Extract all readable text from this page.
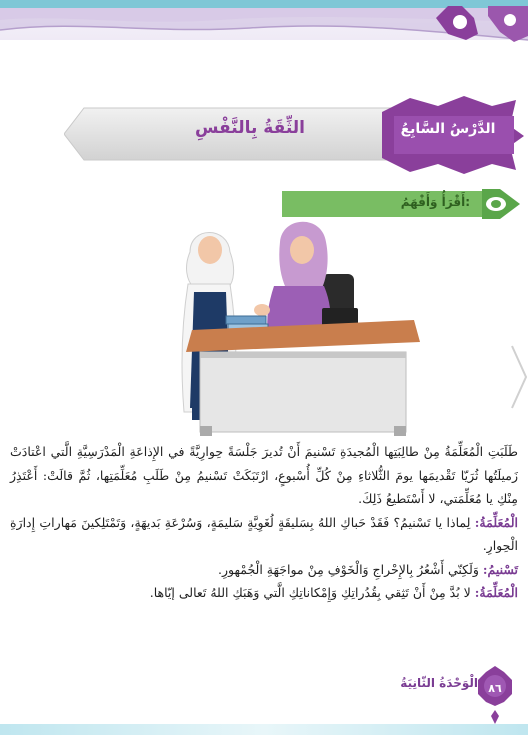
الثِّقَةُ بِالنَّفْسِ	الدَّرْسُ السَّابِعُ
أَقْرَأُ وَأَفْهَمُ:

طَلَبَتِ الْمُعَلِّمَةُ مِنْ طالِبَتِها الْمُجيدَةِ تَسْنيمَ أَنْ تُديرَ جَلْسَةً حِوارِيَّةً في الإِذاعَةِ الْمَدْرَسِيَّةِ الَّتي اعْتادَتْ زَميلَتُها ثُرَيّا تَقْديمَها يومَ الثُّلاثاءِ مِنْ كُلِّ أُسْبوعٍ، ارْتَبَكَتْ تَسْنيمُ مِنْ طَلَبِ مُعَلِّمَتِها، ثُمَّ قالَتْ: أَعْتَذِرُ مِنْكِ يا مُعَلِّمَتي، لا أَسْتَطيعُ ذَلِكَ.

الْمُعَلِّمَةُ: لِماذا يا تَسْنيمُ؟ فَقَدْ حَباكِ اللهُ بِسَليقَةٍ لُغَوِيَّةٍ سَليمَةٍ، وَسُرْعَةِ بَديهَةٍ، وَتَمْتَلِكينَ مَهاراتِ إِدارَةِ الْحِوارِ.

تَسْنيمُ: وَلَكِنّي أَشْعُرُ بِالإِحْراجِ وَالْخَوْفِ مِنْ مواجَهَةِ الْجُمْهورِ.

الْمُعَلِّمَةُ: لا بُدَّ مِنْ أَنْ تَثِقي بِقُدُراتِكِ وَإِمْكاناتِكِ الَّتي وَهَبَكِ اللهُ تَعالى إيّاها.

الْوَحْدَةُ الثّانِيَةُ ٨٦
